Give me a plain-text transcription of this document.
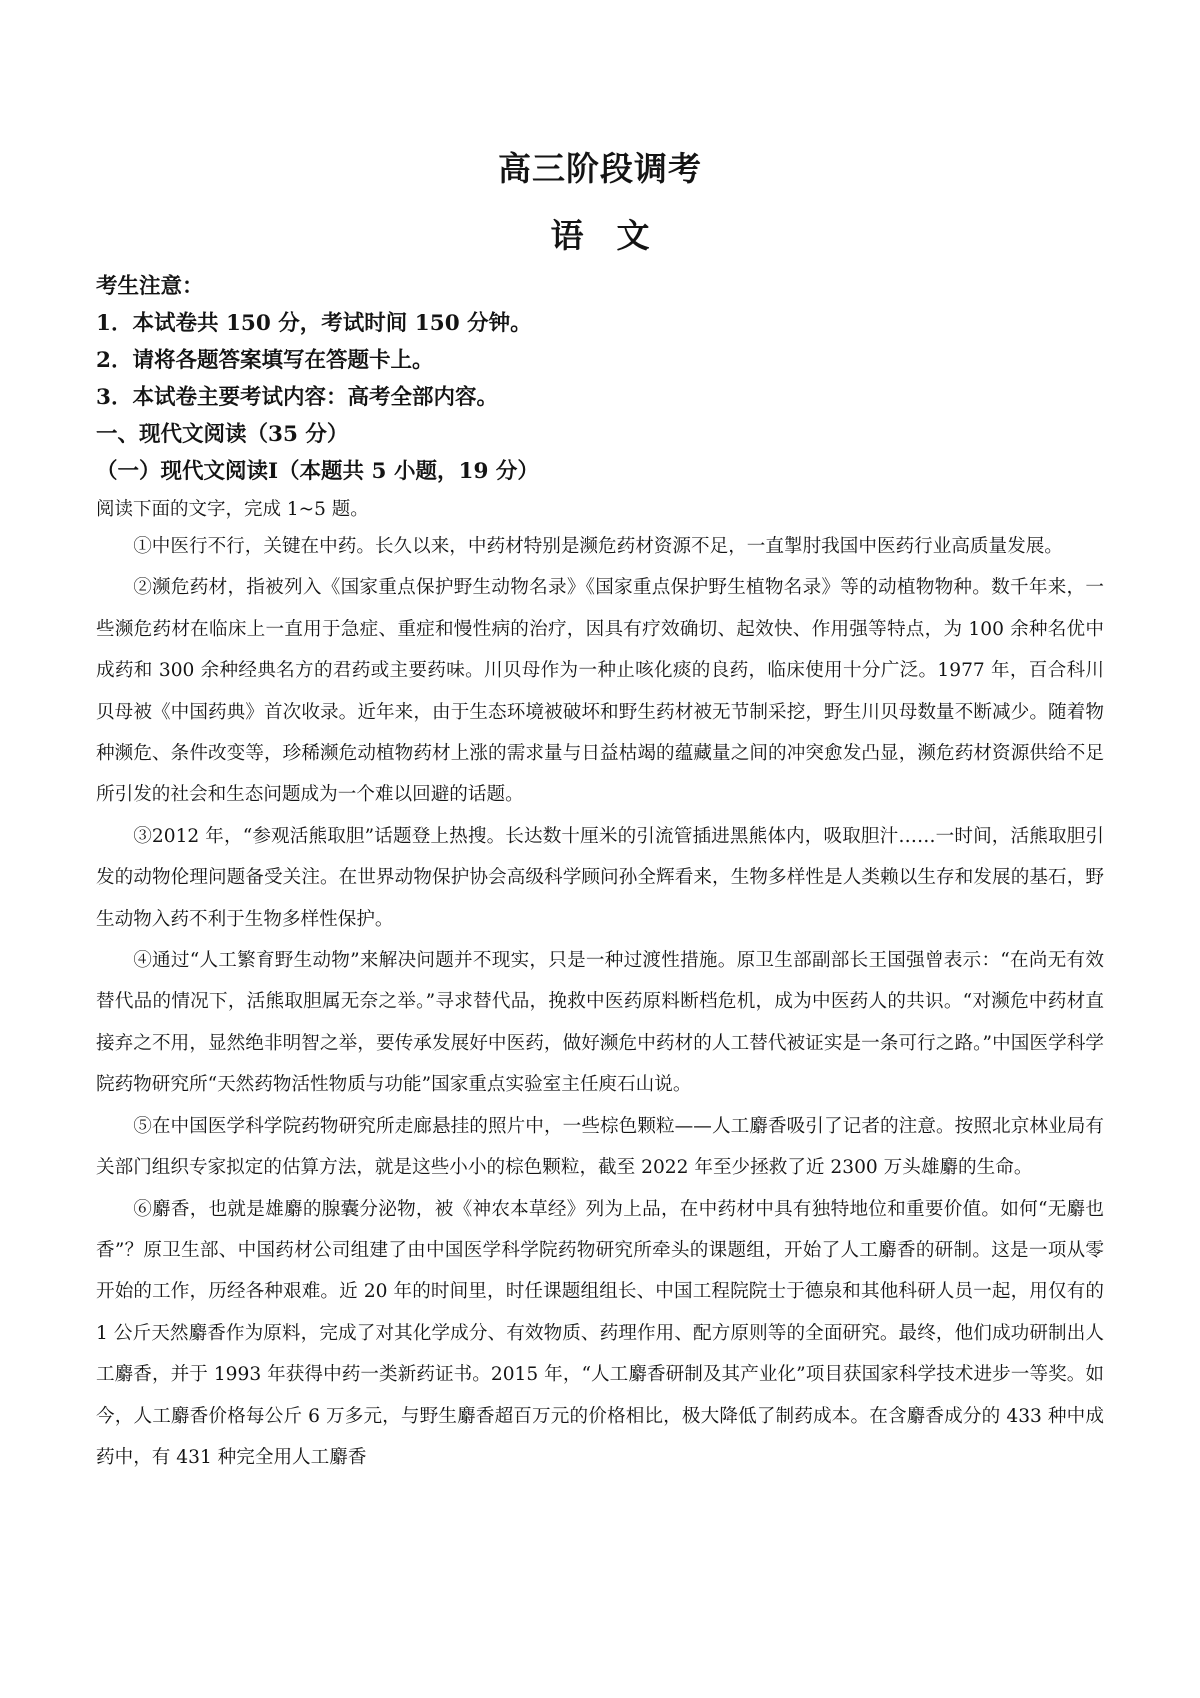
高三阶段调考
语　文
考生注意：
1．本试卷共 150 分，考试时间 150 分钟。
2．请将各题答案填写在答题卡上。
3．本试卷主要考试内容：高考全部内容。
一、现代文阅读（35 分）
（一）现代文阅读Ⅰ（本题共 5 小题，19 分）
阅读下面的文字，完成 1~5 题。

①中医行不行，关键在中药。长久以来，中药材特别是濒危药材资源不足，一直掣肘我国中医药行业高质量发展。

②濒危药材，指被列入《国家重点保护野生动物名录》《国家重点保护野生植物名录》等的动植物物种。数千年来，一些濒危药材在临床上一直用于急症、重症和慢性病的治疗，因具有疗效确切、起效快、作用强等特点，为 100 余种名优中成药和 300 余种经典名方的君药或主要药味。川贝母作为一种止咳化痰的良药，临床使用十分广泛。1977 年，百合科川贝母被《中国药典》首次收录。近年来，由于生态环境被破坏和野生药材被无节制采挖，野生川贝母数量不断减少。随着物种濒危、条件改变等，珍稀濒危动植物药材上涨的需求量与日益枯竭的蕴藏量之间的冲突愈发凸显，濒危药材资源供给不足所引发的社会和生态问题成为一个难以回避的话题。

③2012 年，“参观活熊取胆”话题登上热搜。长达数十厘米的引流管插进黑熊体内，吸取胆汁……一时间，活熊取胆引发的动物伦理问题备受关注。在世界动物保护协会高级科学顾问孙全辉看来，生物多样性是人类赖以生存和发展的基石，野生动物入药不利于生物多样性保护。

④通过“人工繁育野生动物”来解决问题并不现实，只是一种过渡性措施。原卫生部副部长王国强曾表示：“在尚无有效替代品的情况下，活熊取胆属无奈之举。”寻求替代品，挽救中医药原料断档危机，成为中医药人的共识。“对濒危中药材直接弃之不用，显然绝非明智之举，要传承发展好中医药，做好濒危中药材的人工替代被证实是一条可行之路。”中国医学科学院药物研究所“天然药物活性物质与功能”国家重点实验室主任庾石山说。

⑤在中国医学科学院药物研究所走廊悬挂的照片中，一些棕色颗粒——人工麝香吸引了记者的注意。按照北京林业局有关部门组织专家拟定的估算方法，就是这些小小的棕色颗粒，截至 2022 年至少拯救了近 2300 万头雄麝的生命。

⑥麝香，也就是雄麝的腺囊分泌物，被《神农本草经》列为上品，在中药材中具有独特地位和重要价值。如何“无麝也香”？原卫生部、中国药材公司组建了由中国医学科学院药物研究所牵头的课题组，开始了人工麝香的研制。这是一项从零开始的工作，历经各种艰难。近 20 年的时间里，时任课题组组长、中国工程院院士于德泉和其他科研人员一起，用仅有的 1 公斤天然麝香作为原料，完成了对其化学成分、有效物质、药理作用、配方原则等的全面研究。最终，他们成功研制出人工麝香，并于 1993 年获得中药一类新药证书。2015 年，“人工麝香研制及其产业化”项目获国家科学技术进步一等奖。如今，人工麝香价格每公斤 6 万多元，与野生麝香超百万元的价格相比，极大降低了制药成本。在含麝香成分的 433 种中成药中，有 431 种完全用人工麝香
